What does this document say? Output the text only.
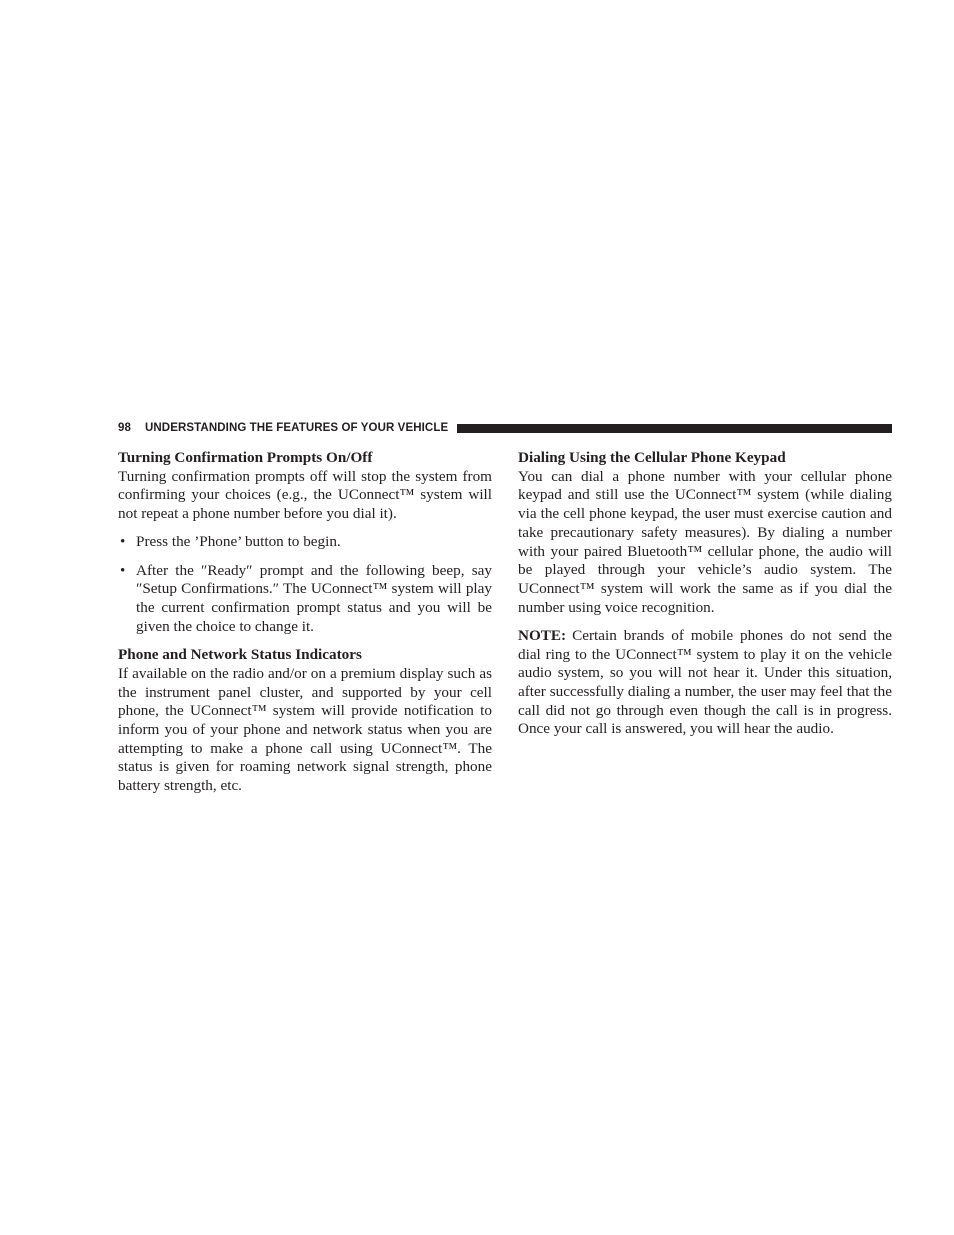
98 UNDERSTANDING THE FEATURES OF YOUR VEHICLE

Turning Confirmation Prompts On/Off

Turning confirmation prompts off will stop the system from confirming your choices (e.g., the UConnect™ system will not repeat a phone number before you dial it).

• Press the ’Phone’ button to begin.
• After the ″Ready″ prompt and the following beep, say ″Setup Confirmations.″ The UConnect™ system will play the current confirmation prompt status and you will be given the choice to change it.

Phone and Network Status Indicators

If available on the radio and/or on a premium display such as the instrument panel cluster, and supported by your cell phone, the UConnect™ system will provide notification to inform you of your phone and network status when you are attempting to make a phone call using UConnect™. The status is given for roaming network signal strength, phone battery strength, etc.

Dialing Using the Cellular Phone Keypad

You can dial a phone number with your cellular phone keypad and still use the UConnect™ system (while dialing via the cell phone keypad, the user must exercise caution and take precautionary safety measures). By dialing a number with your paired Bluetooth™ cellular phone, the audio will be played through your vehicle’s audio system. The UConnect™ system will work the same as if you dial the number using voice recognition.

NOTE: Certain brands of mobile phones do not send the dial ring to the UConnect™ system to play it on the vehicle audio system, so you will not hear it. Under this situation, after successfully dialing a number, the user may feel that the call did not go through even though the call is in progress. Once your call is answered, you will hear the audio.
